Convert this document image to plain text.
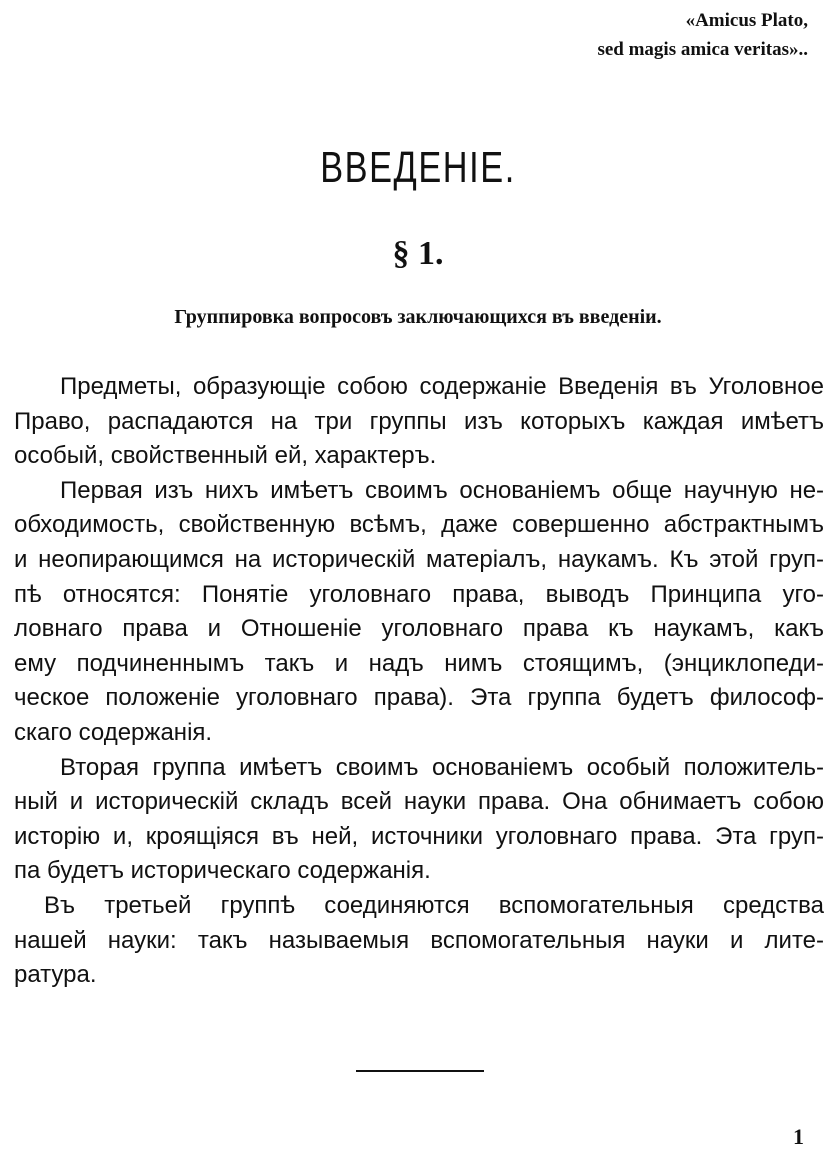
«Amicus Plato,
sed magis amica veritas»..
ВВЕДЕНІЕ.
§ 1.
Группировка вопросовъ заключающихся въ введеніи.
Предметы, образующіе собою содержаніе Введенія въ Уголовное
Право, распадаются на три группы изъ которыхъ каждая имѣетъ
особый, свойственный ей, характеръ.
Первая изъ нихъ имѣетъ своимъ основаніемъ обще научную не-
обходимость, свойственную всѣмъ, даже совершенно абстрактнымъ
и неопирающимся на историческій матеріалъ, наукамъ. Къ этой груп-
пѣ относятся: Понятіе уголовнаго права, выводъ Принципа уго-
ловнаго права и Отношеніе уголовнаго права къ наукамъ, какъ
ему подчиненнымъ такъ и надъ нимъ стоящимъ, (энциклопеди-
ческое положеніе уголовнаго права). Эта группа будетъ философ-
скаго содержанія.
Вторая группа имѣетъ своимъ основаніемъ особый положитель-
ный и историческій складъ всей науки права. Она обнимаетъ собою
исторію и, кроящіяся въ ней, источники уголовнаго права. Эта груп-
па будетъ историческаго содержанія.
Въ третьей группѣ соединяются вспомогательныя средства
нашей науки: такъ называемыя вспомогательныя науки и лите-
ратура.
1
